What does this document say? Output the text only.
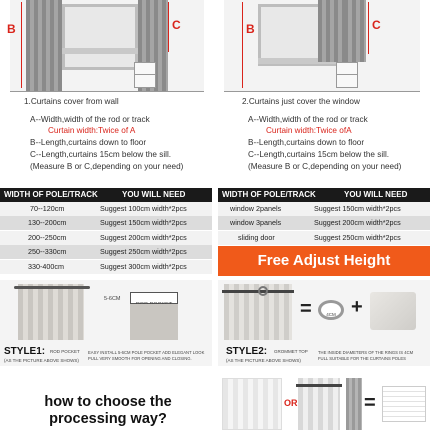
B	C
1.Curtains cover from wall
A--Width,width of the rod or track
Curtain width:Twice of A
B--Length,curtains down to floor
C--Length,curtains 15cm below the sill.
(Measure B or C,depending on your need)
B	C
2.Curtains just cover the window
A--Width,width of the rod or track
Curtain width:Twice ofA
B--Length,curtains down to floor
C--Length,curtains 15cm below the sill.
(Measure B or C,depending on your need)
WIDTH OF POLE/TRACK	YOU WILL NEED
70--120cm	Suggest 100cm width*2pcs
130--200cm	Suggest 150cm width*2pcs
200--250cm	Suggest 200cm width*2pcs
250--330cm	Suggest 250cm width*2pcs
330-400cm	Suggest 300cm width*2pcs
WIDTH OF POLE/TRACK	YOU WILL NEED
window 2panels	Suggest 150cm width*2pcs
window 3panels	Suggest 200cm width*2pcs
sliding door	Suggest 250cm width*2pcs
Free Adjust Height
5-6CM
STYLE1: ROD POCKET
(AS THE PICTURE ABOVE SHOWS)
EASY INSTALL 5-6CM POLE POCKET ADD ELEGANT LOOK
PULL VERY SMOOTH FOR OPENING AND CLOSING.
=	4CM +
STYLE2: GROMMET TOP
(AS THE PICTURE ABOVE SHOWS)
THE INSIDE DIAMETERS OF THE RINGS IS 4CM
FULL SUITABLE FOR THE CURTAINS POLES
how to choose the
processing way?
OR	=
